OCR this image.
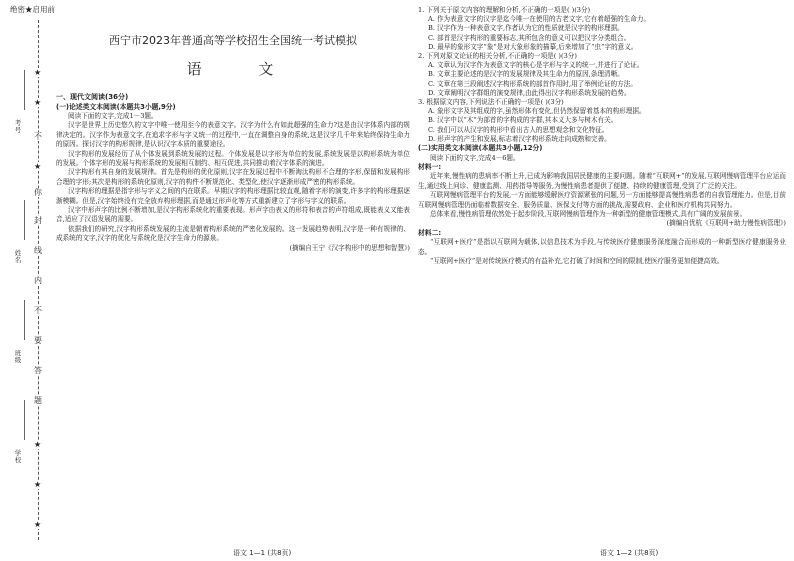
绝密★启用前
★
★
不
★
你
封
线
内
不
要
答
题
★
★
★
考号
姓名
班级
学校
西宁市2023年普通高等学校招生全国统一考试模拟
语 文
一、现代文阅读(36分)
(一)论述类文本阅读(本题共3小题,9分)

阅读下面的文字,完成1－3题。

汉字是世界上历史悠久的文字中唯一使用至今的表意文字。汉字为什么有如此超强的生命力?这是由汉字体系内部的规律决定的。汉字作为表意文字,在追求字形与字义统一的过程中,一直在调整自身的系统,这是汉字几千年来始终保持生命力的原因。探讨汉字的构形规律,是认识汉字本质的重要途径。

汉字构形的发展经历了从个体发展到系统发展的过程。个体发展是以字形为单位的发展,系统发展是以构形系统为单位的发展。个体字形的发展与构形系统的发展相互制约、相互促进,共同推动着汉字体系的演进。

汉字构形有其自身的发展规律。首先是构形的优化原则,汉字在发展过程中不断淘汰构形不合理的字形,保留和发展构形合理的字形;其次是构形的系统化原则,汉字的构件不断规范化、类型化,使汉字逐渐形成严密的构形系统。

汉字构形的理据是指字形与字义之间的内在联系。早期汉字的构形理据比较直观,随着字形的演变,许多字的构形理据逐渐模糊。但是,汉字始终没有完全放弃构形理据,而是通过形声化等方式重新建立了字形与字义的联系。

汉字中形声字的比例不断增加,是汉字构形系统化的重要表现。形声字由表义的形符和表音的声符组成,既能表义又能表音,适应了汉语发展的需要。

依据我们的研究,汉字构形系统发展的主流是朝着构形系统的严密化发展的。这一发展趋势表明,汉字是一种有规律的、成系统的文字,汉字的优化与系统化是汉字生命力的源泉。

(摘编自王宁《汉字构形中的思想和智慧》)

1. 下列关于原文内容的理解和分析,不正确的一项是( )(3分)

A. 作为表意文字的汉字是迄今唯一在使用的古老文字,它有着超强的生命力。

B. 汉字作为一种表意文字,作者认为它的性质就是汉字的构形理据。

C. 部首是汉字构形的重要标志,其所包含的意义可以把汉字分类组合。

D. 最早的象形文字“象”是对大象形象的描摹,后来增加了“虫”字的意义。

2. 下列对原文论证的相关分析,不正确的一项是( )(3分)

A. 文章认为汉字作为表意文字的核心是字形与字义的统一,并进行了论证。

B. 文章主要论述的是汉字的发展规律及其生命力的原因,条理清晰。

C. 文章在第三段阐述汉字构形系统的部首作用时,用了举例论证的方法。

D. 文章阐明汉字群组的演变规律,由此得出汉字构形系统发展的趋势。

3. 根据原文内容,下列说法不正确的一项是( )(3分)

A. 象形文字及其组成的字,虽然形体有变化,但仍然保留着基本的构形理据。

B. 汉字中以“木”为部首的字构成的字群,其本义大多与树木有关。

C. 我们可以从汉字的构形中看出古人的思想观念和文化特征。

D. 形声字的产生和发展,标志着汉字构形系统走向成熟和完善。

(二)实用类文本阅读(本题共3小题,12分)

阅读下面的文字,完成4－6题。

材料一:

近年来,慢性病的患病率不断上升,已成为影响我国居民健康的主要问题。随着“互联网+”的发展,互联网慢病管理平台应运而生,通过线上问诊、健康监测、用药指导等服务,为慢性病患者提供了便捷、持续的健康管理,受到了广泛的关注。

互联网慢病管理平台的发展,一方面能够缓解医疗资源紧张的问题,另一方面能够提高慢性病患者的自我管理能力。但是,目前互联网慢病管理仍面临着数据安全、服务质量、医保支付等方面的挑战,需要政府、企业和医疗机构共同努力。

总体来看,慢性病管理依然处于起步阶段,互联网慢病管理作为一种新型的健康管理模式,具有广阔的发展前景。

(摘编自优杭《互联网+助力慢性病管理》)

材料二:

“互联网+医疗”是指以互联网为载体,以信息技术为手段,与传统医疗健康服务深度融合而形成的一种新型医疗健康服务业态。

“互联网+医疗”是对传统医疗模式的有益补充,它打破了时间和空间的限制,使医疗服务更加便捷高效。

语文 1—1 (共8页)	语文 1—2 (共8页)
